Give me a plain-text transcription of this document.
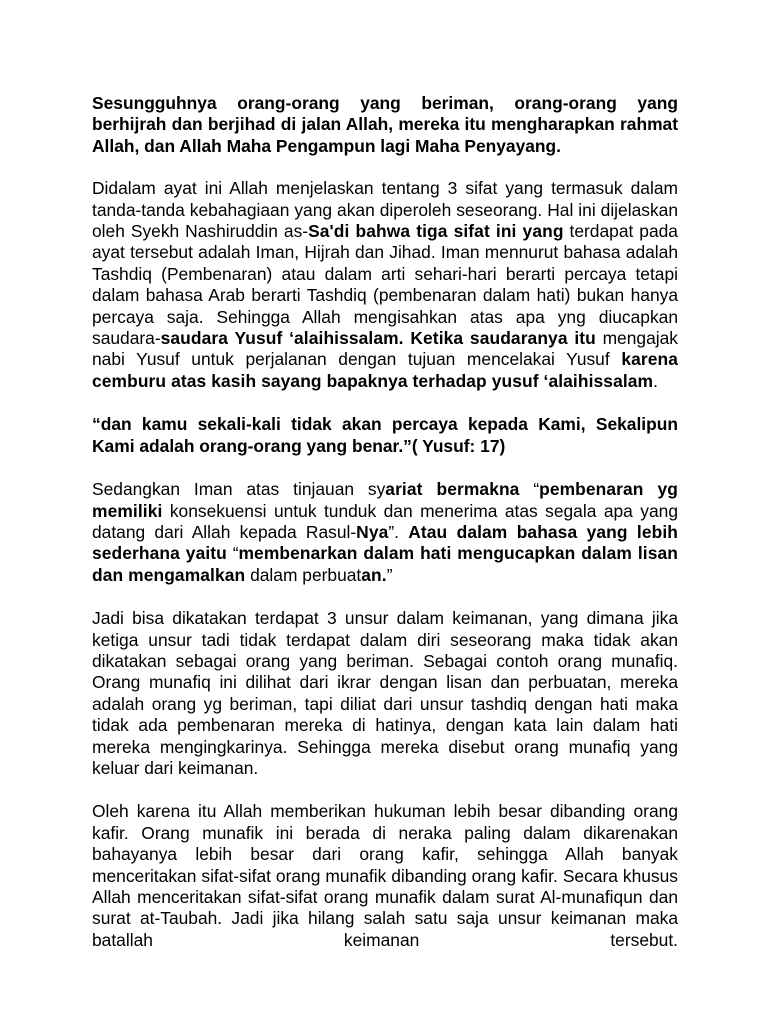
Sesungguhnya orang-orang yang beriman, orang-orang yang berhijrah dan berjihad di jalan Allah, mereka itu mengharapkan rahmat Allah, dan Allah Maha Pengampun lagi Maha Penyayang.

Didalam ayat ini Allah menjelaskan tentang 3 sifat yang termasuk dalam tanda-tanda kebahagiaan yang akan diperoleh seseorang. Hal ini dijelaskan oleh Syekh Nashiruddin as-Sa'di bahwa tiga sifat ini yang terdapat pada ayat tersebut adalah Iman, Hijrah dan Jihad. Iman mennurut bahasa adalah Tashdiq (Pembenaran) atau dalam arti sehari-hari berarti percaya tetapi dalam bahasa Arab berarti Tashdiq (pembenaran dalam hati) bukan hanya percaya saja. Sehingga Allah mengisahkan atas apa yng diucapkan saudara-saudara Yusuf ‘alaihissalam. Ketika saudaranya itu mengajak nabi Yusuf untuk perjalanan dengan tujuan mencelakai Yusuf karena cemburu atas kasih sayang bapaknya terhadap yusuf ‘alaihissalam.

“dan kamu sekali-kali tidak akan percaya kepada Kami, Sekalipun Kami adalah orang-orang yang benar.”( Yusuf: 17)

Sedangkan Iman atas tinjauan syariat bermakna “pembenaran yg memiliki konsekuensi untuk tunduk dan menerima atas segala apa yang datang dari Allah kepada Rasul-Nya”. Atau dalam bahasa yang lebih sederhana yaitu “membenarkan dalam hati mengucapkan dalam lisan dan mengamalkan dalam perbuatan.”

Jadi bisa dikatakan terdapat 3 unsur dalam keimanan, yang dimana jika ketiga unsur tadi tidak terdapat dalam diri seseorang maka tidak akan dikatakan sebagai orang yang beriman. Sebagai contoh orang munafiq. Orang munafiq ini dilihat dari ikrar dengan lisan dan perbuatan, mereka adalah orang yg beriman, tapi diliat dari unsur tashdiq dengan hati maka tidak ada pembenaran mereka di hatinya, dengan kata lain dalam hati mereka mengingkarinya. Sehingga mereka disebut orang munafiq yang keluar dari keimanan.

Oleh karena itu Allah memberikan hukuman lebih besar dibanding orang kafir. Orang munafik ini berada di neraka paling dalam dikarenakan bahayanya lebih besar dari orang kafir, sehingga Allah banyak menceritakan sifat-sifat orang munafik dibanding orang kafir. Secara khusus Allah menceritakan sifat-sifat orang munafik dalam surat Al-munafiqun dan surat at-Taubah. Jadi jika hilang salah satu saja unsur keimanan maka batallah keimanan tersebut.
